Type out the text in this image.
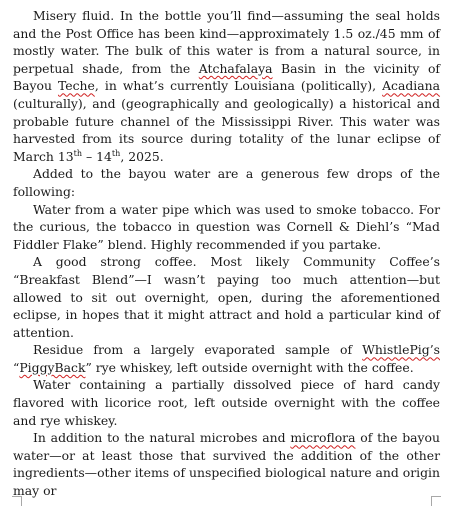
Misery fluid. In the bottle you’ll find—assuming the seal holds and the Post Office has been kind—approximately 1.5 oz./45 mm of mostly water. The bulk of this water is from a natural source, in perpetual shade, from the Atchafalaya Basin in the vicinity of Bayou Teche, in what’s currently Louisiana (politically), Acadiana (culturally), and (geographically and geologically) a historical and probable future channel of the Mississippi River. This water was harvested from its source during totality of the lunar eclipse of March 13th – 14th, 2025.

Added to the bayou water are a generous few drops of the following:

Water from a water pipe which was used to smoke tobacco. For the curious, the tobacco in question was Cornell & Diehl’s “Mad Fiddler Flake” blend. Highly recommended if you partake.

A good strong coffee. Most likely Community Coffee’s “Breakfast Blend”—I wasn’t paying too much attention—but allowed to sit out overnight, open, during the aforementioned eclipse, in hopes that it might attract and hold a particular kind of attention.

Residue from a largely evaporated sample of WhistlePig’s “PiggyBack” rye whiskey, left outside overnight with the coffee.

Water containing a partially dissolved piece of hard candy flavored with licorice root, left outside overnight with the coffee and rye whiskey.

In addition to the natural microbes and microflora of the bayou water—or at least those that survived the addition of the other ingredients—other items of unspecified biological nature and origin may or
